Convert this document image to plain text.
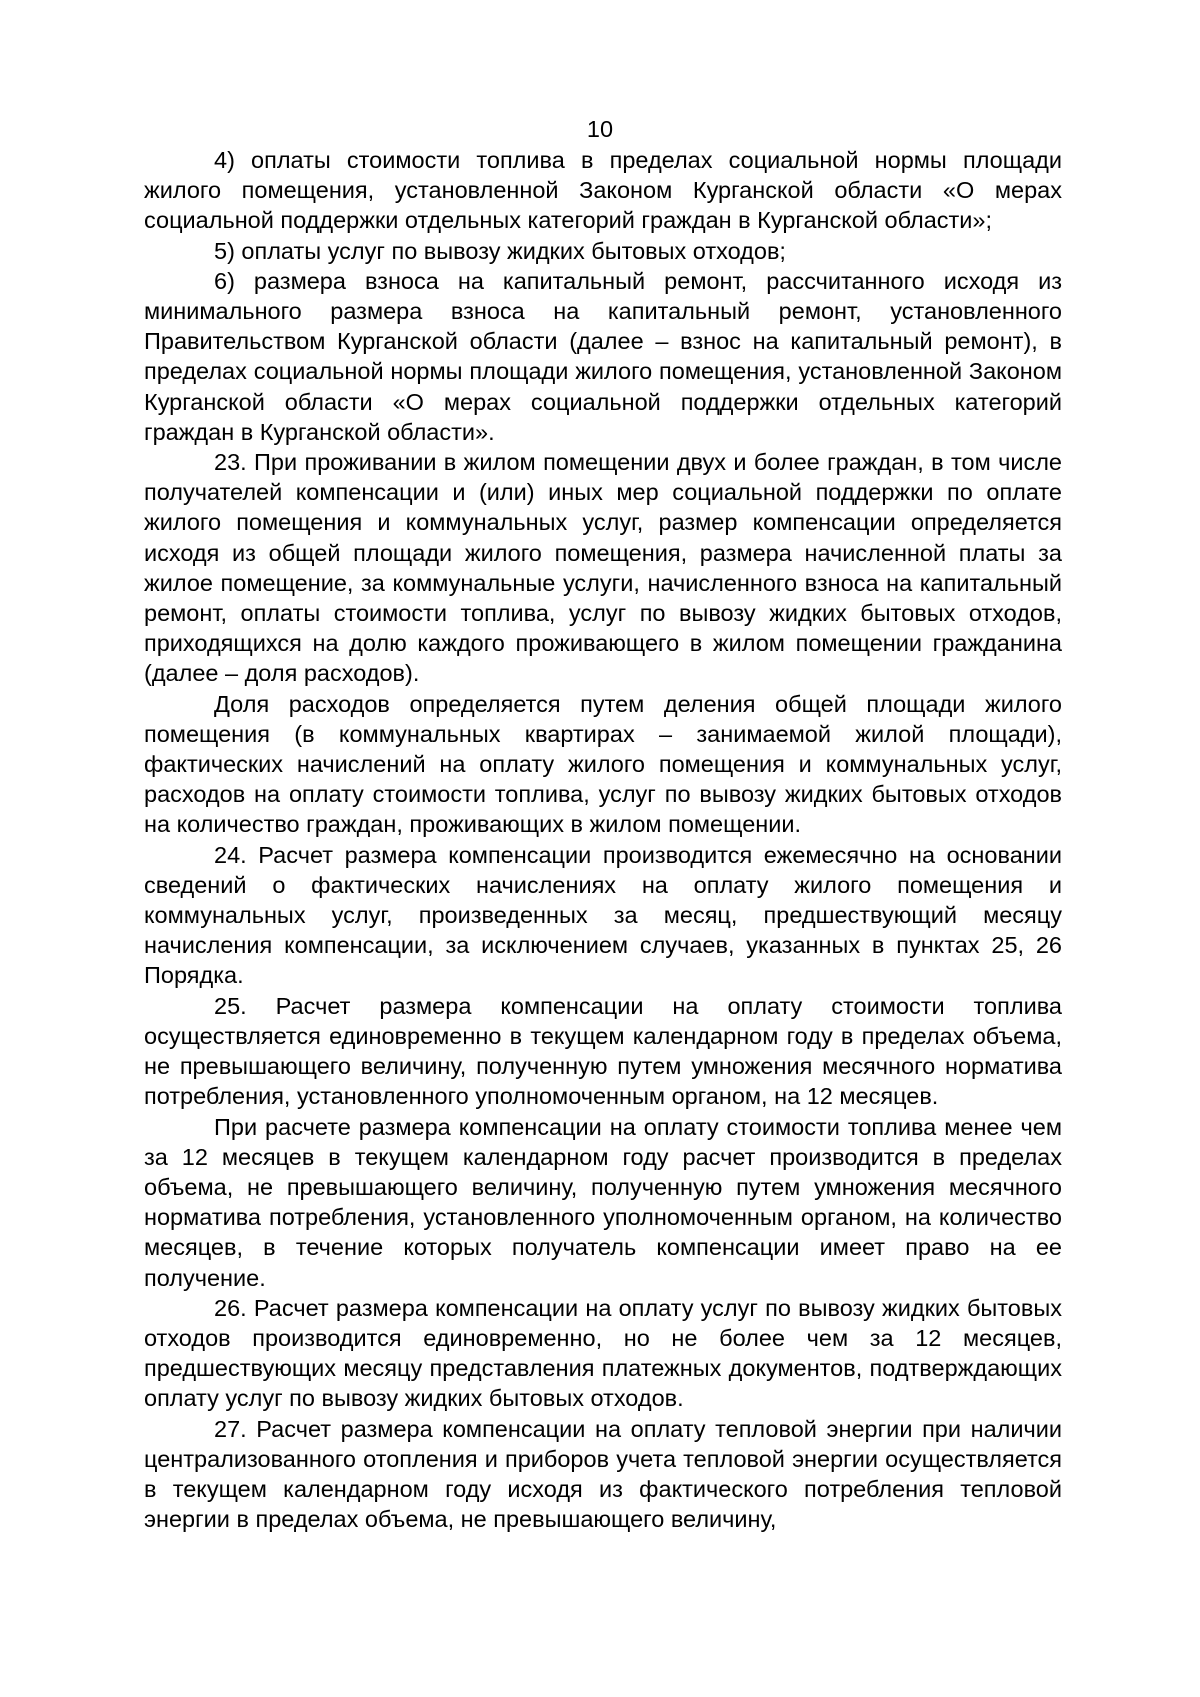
10

4) оплаты стоимости топлива в пределах социальной нормы площади жилого помещения, установленной Законом Курганской области «О мерах социальной поддержки отдельных категорий граждан в Курганской области»;

5) оплаты услуг по вывозу жидких бытовых отходов;

6) размера взноса на капитальный ремонт, рассчитанного исходя из минимального размера взноса на капитальный ремонт, установленного Правительством Курганской области (далее – взнос на капитальный ремонт), в пределах социальной нормы площади жилого помещения, установленной Законом Курганской области «О мерах социальной поддержки отдельных категорий граждан в Курганской области».

23. При проживании в жилом помещении двух и более граждан, в том числе получателей компенсации и (или) иных мер социальной поддержки по оплате жилого помещения и коммунальных услуг, размер компенсации определяется исходя из общей площади жилого помещения, размера начисленной платы за жилое помещение, за коммунальные услуги, начисленного взноса на капитальный ремонт, оплаты стоимости топлива, услуг по вывозу жидких бытовых отходов, приходящихся на долю каждого проживающего в жилом помещении гражданина (далее – доля расходов).

Доля расходов определяется путем деления общей площади жилого помещения (в коммунальных квартирах – занимаемой жилой площади), фактических начислений на оплату жилого помещения и коммунальных услуг, расходов на оплату стоимости топлива, услуг по вывозу жидких бытовых отходов на количество граждан, проживающих в жилом помещении.

24. Расчет размера компенсации производится ежемесячно на основании сведений о фактических начислениях на оплату жилого помещения и коммунальных услуг, произведенных за месяц, предшествующий месяцу начисления компенсации, за исключением случаев, указанных в пунктах 25, 26 Порядка.

25. Расчет размера компенсации на оплату стоимости топлива осуществляется единовременно в текущем календарном году в пределах объема, не превышающего величину, полученную путем умножения месячного норматива потребления, установленного уполномоченным органом, на 12 месяцев.

При расчете размера компенсации на оплату стоимости топлива менее чем за 12 месяцев в текущем календарном году расчет производится в пределах объема, не превышающего величину, полученную путем умножения месячного норматива потребления, установленного уполномоченным органом, на количество месяцев, в течение которых получатель компенсации имеет право на ее получение.

26. Расчет размера компенсации на оплату услуг по вывозу жидких бытовых отходов производится единовременно, но не более чем за 12 месяцев, предшествующих месяцу представления платежных документов, подтверждающих оплату услуг по вывозу жидких бытовых отходов.

27. Расчет размера компенсации на оплату тепловой энергии при наличии централизованного отопления и приборов учета тепловой энергии осуществляется в текущем календарном году исходя из фактического потребления тепловой энергии в пределах объема, не превышающего величину,
